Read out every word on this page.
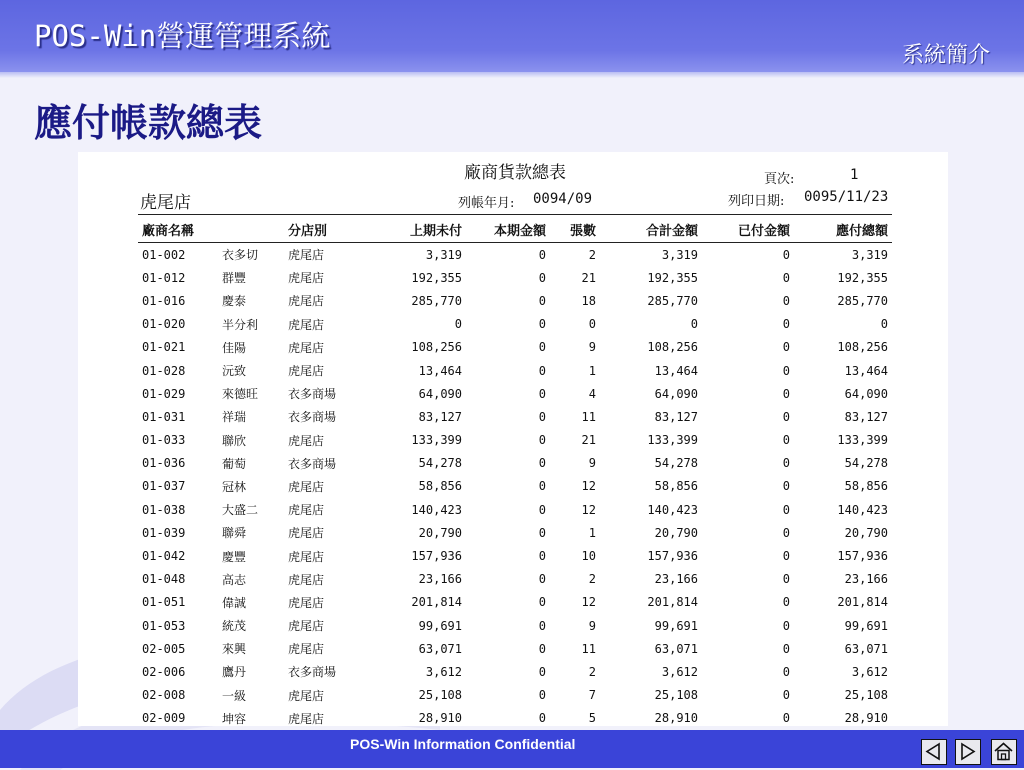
POS-Win營運管理系統
系統簡介
應付帳款總表
廠商貨款總表
虎尾店	列帳年月: 0094/09
頁次:	1
列印日期: 0095/11/23
廠商名稱		分店別	上期未付	本期金額	張數	合計金額	已付金額	應付總額
01-002	衣多切	虎尾店	3,319	0	2	3,319	0	3,319
01-012	群豐	虎尾店	192,355	0	21	192,355	0	192,355
01-016	慶泰	虎尾店	285,770	0	18	285,770	0	285,770
01-020	半分利	虎尾店	0	0	0	0	0	0
01-021	佳陽	虎尾店	108,256	0	9	108,256	0	108,256
01-028	沅致	虎尾店	13,464	0	1	13,464	0	13,464
01-029	來德旺	衣多商場	64,090	0	4	64,090	0	64,090
01-031	祥瑞	衣多商場	83,127	0	11	83,127	0	83,127
01-033	聯欣	虎尾店	133,399	0	21	133,399	0	133,399
01-036	葡萄	衣多商場	54,278	0	9	54,278	0	54,278
01-037	冠林	虎尾店	58,856	0	12	58,856	0	58,856
01-038	大盛二	虎尾店	140,423	0	12	140,423	0	140,423
01-039	聯舜	虎尾店	20,790	0	1	20,790	0	20,790
01-042	慶豐	虎尾店	157,936	0	10	157,936	0	157,936
01-048	高志	虎尾店	23,166	0	2	23,166	0	23,166
01-051	偉誠	虎尾店	201,814	0	12	201,814	0	201,814
01-053	統茂	虎尾店	99,691	0	9	99,691	0	99,691
02-005	來興	虎尾店	63,071	0	11	63,071	0	63,071
02-006	鷹丹	衣多商場	3,612	0	2	3,612	0	3,612
02-008	一級	虎尾店	25,108	0	7	25,108	0	25,108
02-009	坤容	虎尾店	28,910	0	5	28,910	0	28,910
POS-Win Information Confidential
